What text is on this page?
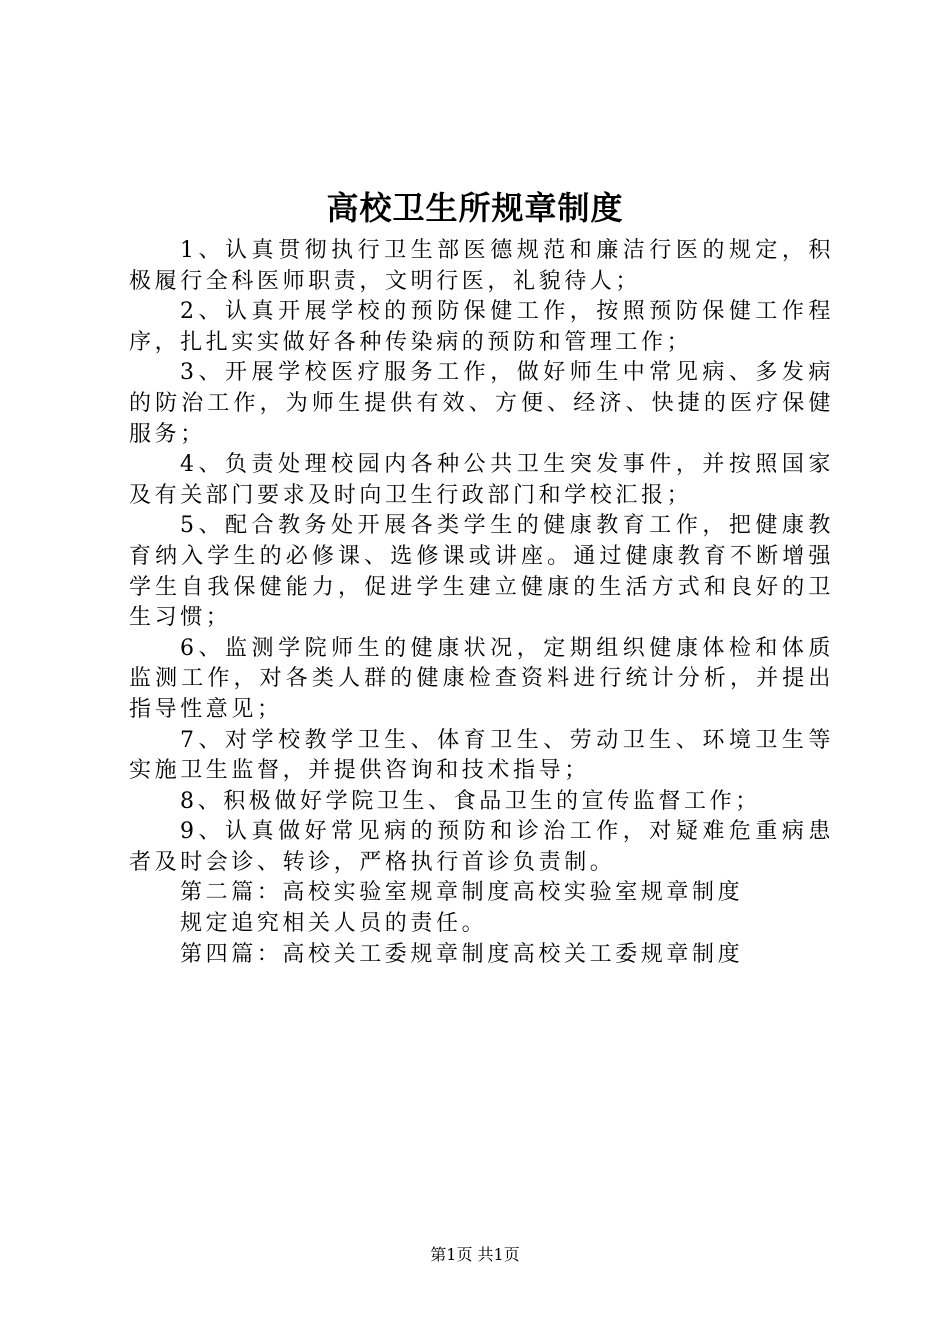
高校卫生所规章制度

1、认真贯彻执行卫生部医德规范和廉洁行医的规定，积极履行全科医师职责，文明行医，礼貌待人；

2、认真开展学校的预防保健工作，按照预防保健工作程序，扎扎实实做好各种传染病的预防和管理工作；

3、开展学校医疗服务工作，做好师生中常见病、多发病的防治工作，为师生提供有效、方便、经济、快捷的医疗保健服务；

4、负责处理校园内各种公共卫生突发事件，并按照国家及有关部门要求及时向卫生行政部门和学校汇报；

5、配合教务处开展各类学生的健康教育工作，把健康教育纳入学生的必修课、选修课或讲座。通过健康教育不断增强学生自我保健能力，促进学生建立健康的生活方式和良好的卫生习惯；

6、监测学院师生的健康状况，定期组织健康体检和体质监测工作，对各类人群的健康检查资料进行统计分析，并提出指导性意见；

7、对学校教学卫生、体育卫生、劳动卫生、环境卫生等实施卫生监督，并提供咨询和技术指导；

8、积极做好学院卫生、食品卫生的宣传监督工作；

9、认真做好常见病的预防和诊治工作，对疑难危重病患者及时会诊、转诊，严格执行首诊负责制。

第二篇：高校实验室规章制度高校实验室规章制度

规定追究相关人员的责任。

第四篇：高校关工委规章制度高校关工委规章制度

第1页 共1页
